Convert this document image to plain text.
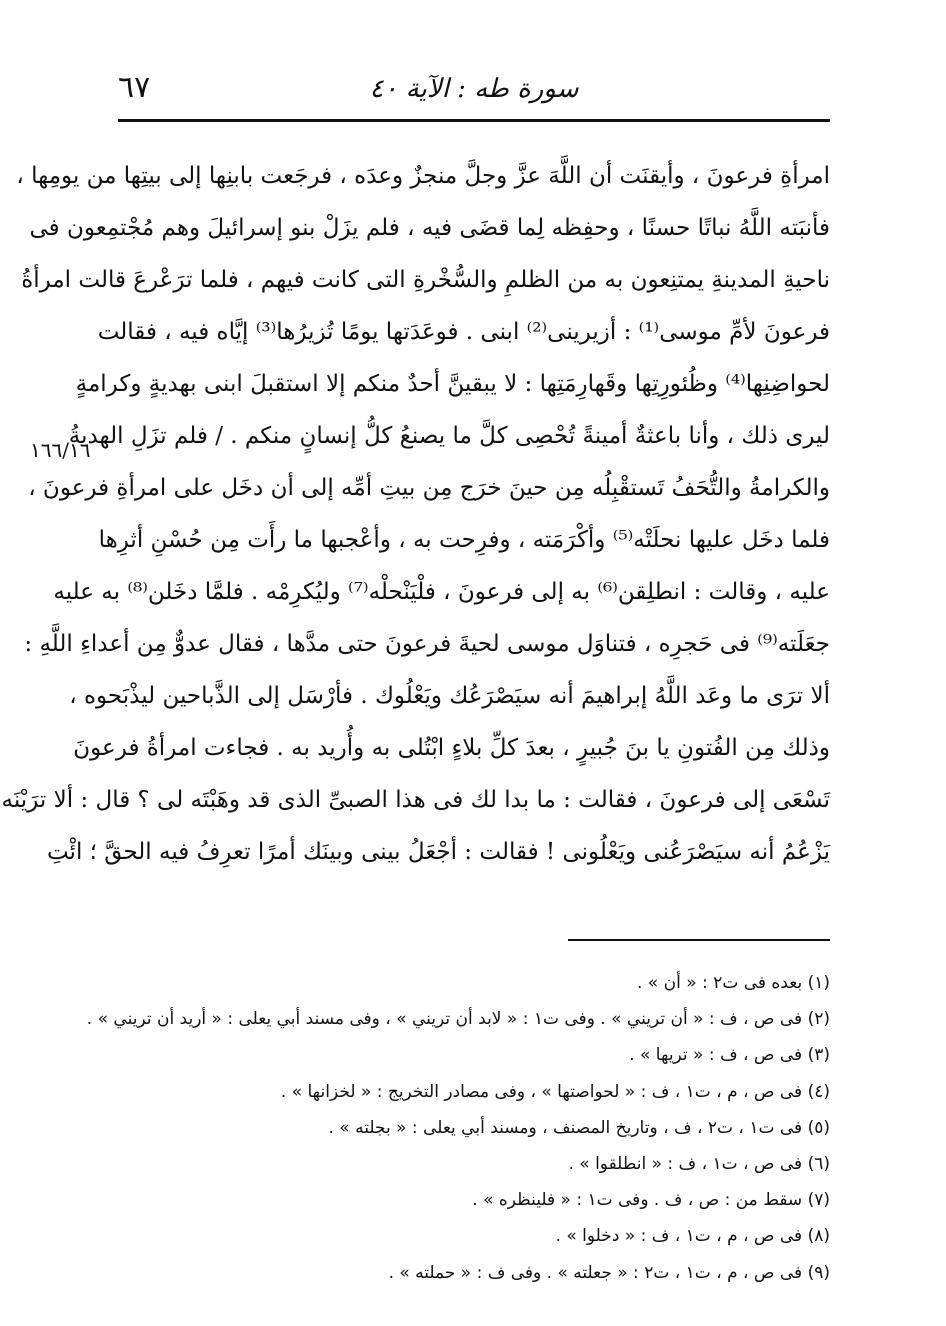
٦٧	سورة طه : الآية ٤٠
امرأةِ فرعونَ ، وأيقنَت أن اللَّهَ عزَّ وجلَّ منجزٌ وعدَه ، فرجَعت بابنِها إلى بيتِها من يومِها ،
فأنبَته اللَّهُ نباتًا حسنًا ، وحفِظه لِما قضَى فيه ، فلم يزَلْ بنو إسرائيلَ وهم مُجْتمِعون فى
ناحيةِ المدينةِ يمتنِعون به من الظلمِ والسُّخْرةِ التى كانت فيهم ، فلما ترَعْرعَ قالت امرأةُ
فرعونَ لأمِّ موسى⁽¹⁾ : أزيرينى⁽²⁾ ابنى . فوعَدَتها يومًا تُزيرُها⁽³⁾ إيَّاه فيه ، فقالت
لحواضِنِها⁽⁴⁾ وظُئورِتِها وقَهارِمَتِها : لا يبقينَّ أحدٌ منكم إلا استقبلَ ابنى بهديةٍ وكرامةٍ
ليرى ذلك ، وأنا باعثةٌ أمينةً تُحْصِى كلَّ ما يصنعُ كلُّ إنسانٍ منكم . / فلم تزَلِ الهديةُ
والكرامةُ والتُّحَفُ تَستقْبِلُه مِن حينَ خرَج مِن بيتِ أمِّه إلى أن دخَل على امرأةِ فرعونَ ،
فلما دخَل عليها نحلَتْه⁽⁵⁾ وأكْرَمَته ، وفرِحت به ، وأعْجبها ما رأَت مِن حُسْنِ أثرِها
عليه ، وقالت : انطلِقن⁽⁶⁾ به إلى فرعونَ ، فلْيَنْحلْه⁽⁷⁾ وليُكرِمْه . فلمَّا دخَلن⁽⁸⁾ به عليه
جعَلَته⁽⁹⁾ فى حَجرِه ، فتناوَل موسى لحيةَ فرعونَ حتى مدَّها ، فقال عدوٌّ مِن أعداءِ اللَّهِ :
ألا ترَى ما وعَد اللَّهُ إبراهيمَ أنه سيَصْرَعُك ويَعْلُوك . فأرْسَل إلى الذَّباحين ليذْبَحوه ،
وذلك مِن الفُتونِ يا بنَ جُبيرٍ ، بعدَ كلِّ بلاءٍ ابْتُلى به وأُريد به . فجاءت امرأةُ فرعونَ
تَسْعَى إلى فرعونَ ، فقالت : ما بدا لك فى هذا الصبىِّ الذى قد وهَبْتَه لى ؟ قال : ألا ترَيْنَه
يَزْعُمُ أنه سيَصْرَعُنى ويَعْلُونى ! فقالت : أجْعَلُ بينى وبينَك أمرًا تعرِفُ فيه الحقَّ ؛ ائْتِ
١٦٦/١٦
(١) بعده فى ت٢ : « أن » .
(٢) فى ص ، ف : « أن تريني » . وفى ت١ : « لابد أن تريني » ، وفى مسند أبي يعلى : « أريد أن تريني » .
(٣) فى ص ، ف : « تريها » .
(٤) فى ص ، م ، ت١ ، ف : « لحواصتها » ، وفى مصادر التخريج : « لخزانها » .
(٥) فى ت١ ، ت٢ ، ف ، وتاريخ المصنف ، ومسند أبي يعلى : « بجلته » .
(٦) فى ص ، ت١ ، ف : « انطلقوا » .
(٧) سقط من : ص ، ف . وفى ت١ : « فلينظره » .
(٨) فى ص ، م ، ت١ ، ف : « دخلوا » .
(٩) فى ص ، م ، ت١ ، ت٢ : « جعلته » . وفى ف : « حملته » .
